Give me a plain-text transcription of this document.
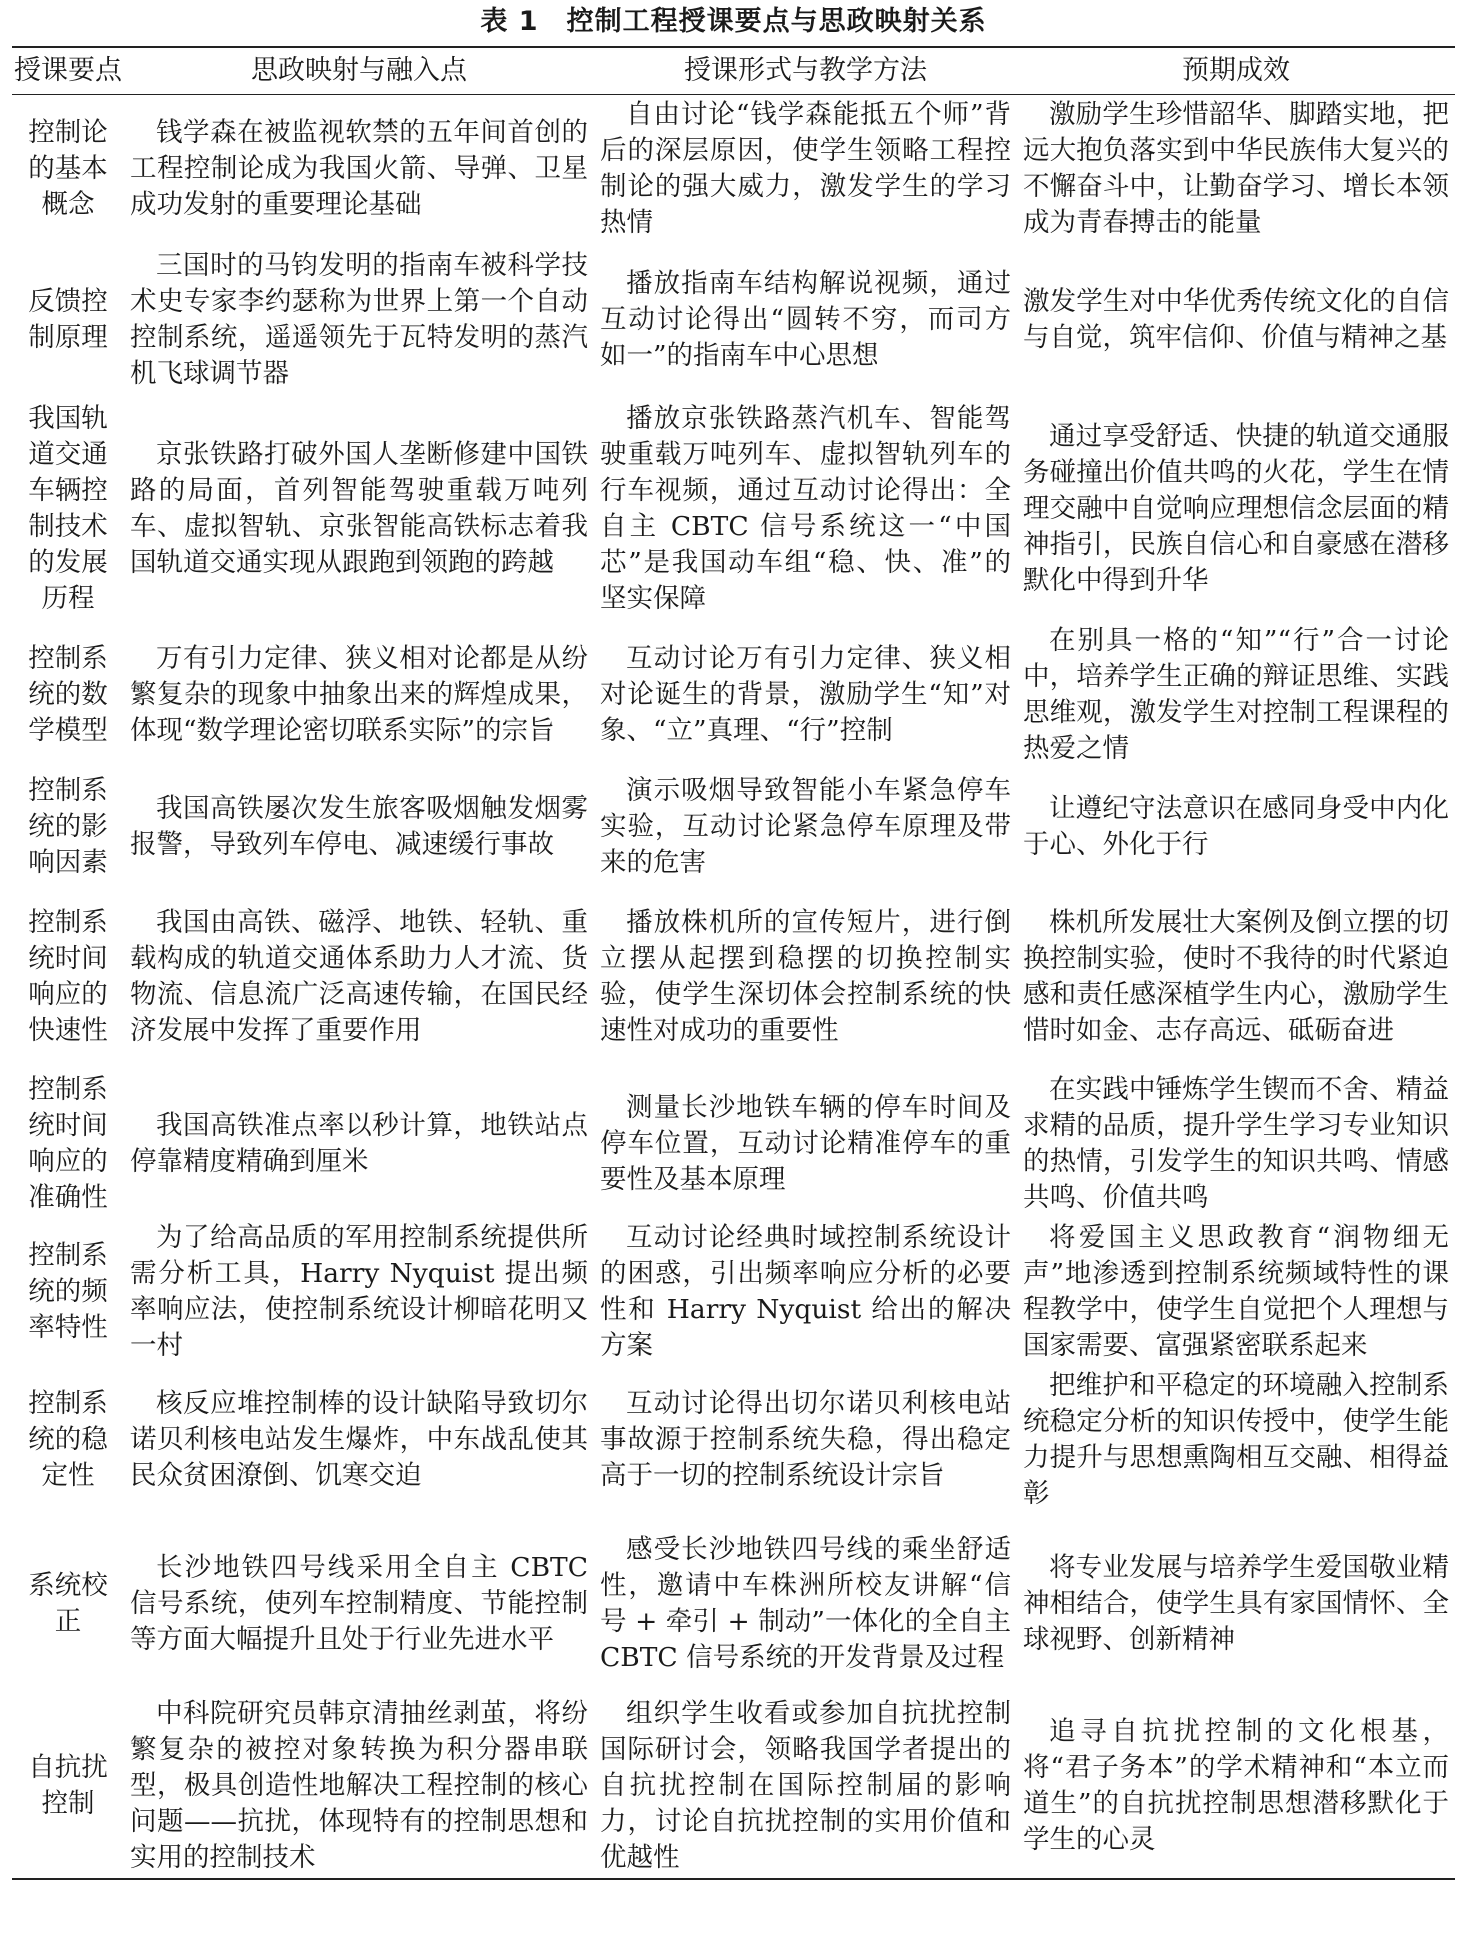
表 1　控制工程授课要点与思政映射关系
授课要点	思政映射与融入点	授课形式与教学方法	预期成效
控制论的基本概念	钱学森在被监视软禁的五年间首创的工程控制论成为我国火箭、导弹、卫星成功发射的重要理论基础	自由讨论“钱学森能抵五个师”背后的深层原因，使学生领略工程控制论的强大威力，激发学生的学习热情	激励学生珍惜韶华、脚踏实地，把远大抱负落实到中华民族伟大复兴的不懈奋斗中，让勤奋学习、增长本领成为青春搏击的能量
反馈控制原理	三国时的马钧发明的指南车被科学技术史专家李约瑟称为世界上第一个自动控制系统，遥遥领先于瓦特发明的蒸汽机飞球调节器	播放指南车结构解说视频，通过互动讨论得出“圆转不穷，而司方如一”的指南车中心思想	激发学生对中华优秀传统文化的自信与自觉，筑牢信仰、价值与精神之基
我国轨道交通车辆控制技术的发展历程	京张铁路打破外国人垄断修建中国铁路的局面，首列智能驾驶重载万吨列车、虚拟智轨、京张智能高铁标志着我国轨道交通实现从跟跑到领跑的跨越	播放京张铁路蒸汽机车、智能驾驶重载万吨列车、虚拟智轨列车的行车视频，通过互动讨论得出：全自主 CBTC 信号系统这一“中国芯”是我国动车组“稳、快、准”的坚实保障	通过享受舒适、快捷的轨道交通服务碰撞出价值共鸣的火花，学生在情理交融中自觉响应理想信念层面的精神指引，民族自信心和自豪感在潜移默化中得到升华
控制系统的数学模型	万有引力定律、狭义相对论都是从纷繁复杂的现象中抽象出来的辉煌成果，体现“数学理论密切联系实际”的宗旨	互动讨论万有引力定律、狭义相对论诞生的背景，激励学生“知”对象、“立”真理、“行”控制	在别具一格的“知”“行”合一讨论中，培养学生正确的辩证思维、实践思维观，激发学生对控制工程课程的热爱之情
控制系统的影响因素	我国高铁屡次发生旅客吸烟触发烟雾报警，导致列车停电、减速缓行事故	演示吸烟导致智能小车紧急停车实验，互动讨论紧急停车原理及带来的危害	让遵纪守法意识在感同身受中内化于心、外化于行
控制系统时间响应的快速性	我国由高铁、磁浮、地铁、轻轨、重载构成的轨道交通体系助力人才流、货物流、信息流广泛高速传输，在国民经济发展中发挥了重要作用	播放株机所的宣传短片，进行倒立摆从起摆到稳摆的切换控制实验，使学生深切体会控制系统的快速性对成功的重要性	株机所发展壮大案例及倒立摆的切换控制实验，使时不我待的时代紧迫感和责任感深植学生内心，激励学生惜时如金、志存高远、砥砺奋进
控制系统时间响应的准确性	我国高铁准点率以秒计算，地铁站点停靠精度精确到厘米	测量长沙地铁车辆的停车时间及停车位置，互动讨论精准停车的重要性及基本原理	在实践中锤炼学生锲而不舍、精益求精的品质，提升学生学习专业知识的热情，引发学生的知识共鸣、情感共鸣、价值共鸣
控制系统的频率特性	为了给高品质的军用控制系统提供所需分析工具，Harry Nyquist 提出频率响应法，使控制系统设计柳暗花明又一村	互动讨论经典时域控制系统设计的困惑，引出频率响应分析的必要性和 Harry Nyquist 给出的解决方案	将爱国主义思政教育“润物细无声”地渗透到控制系统频域特性的课程教学中，使学生自觉把个人理想与国家需要、富强紧密联系起来
控制系统的稳定性	核反应堆控制棒的设计缺陷导致切尔诺贝利核电站发生爆炸，中东战乱使其民众贫困潦倒、饥寒交迫	互动讨论得出切尔诺贝利核电站事故源于控制系统失稳，得出稳定高于一切的控制系统设计宗旨	把维护和平稳定的环境融入控制系统稳定分析的知识传授中，使学生能力提升与思想熏陶相互交融、相得益彰
系统校正	长沙地铁四号线采用全自主 CBTC 信号系统，使列车控制精度、节能控制等方面大幅提升且处于行业先进水平	感受长沙地铁四号线的乘坐舒适性，邀请中车株洲所校友讲解“信号 + 牵引 + 制动”一体化的全自主 CBTC 信号系统的开发背景及过程	将专业发展与培养学生爱国敬业精神相结合，使学生具有家国情怀、全球视野、创新精神
自抗扰控制	中科院研究员韩京清抽丝剥茧，将纷繁复杂的被控对象转换为积分器串联型，极具创造性地解决工程控制的核心问题——抗扰，体现特有的控制思想和实用的控制技术	组织学生收看或参加自抗扰控制国际研讨会，领略我国学者提出的自抗扰控制在国际控制届的影响力，讨论自抗扰控制的实用价值和优越性	追寻自抗扰控制的文化根基，将“君子务本”的学术精神和“本立而道生”的自抗扰控制思想潜移默化于学生的心灵
